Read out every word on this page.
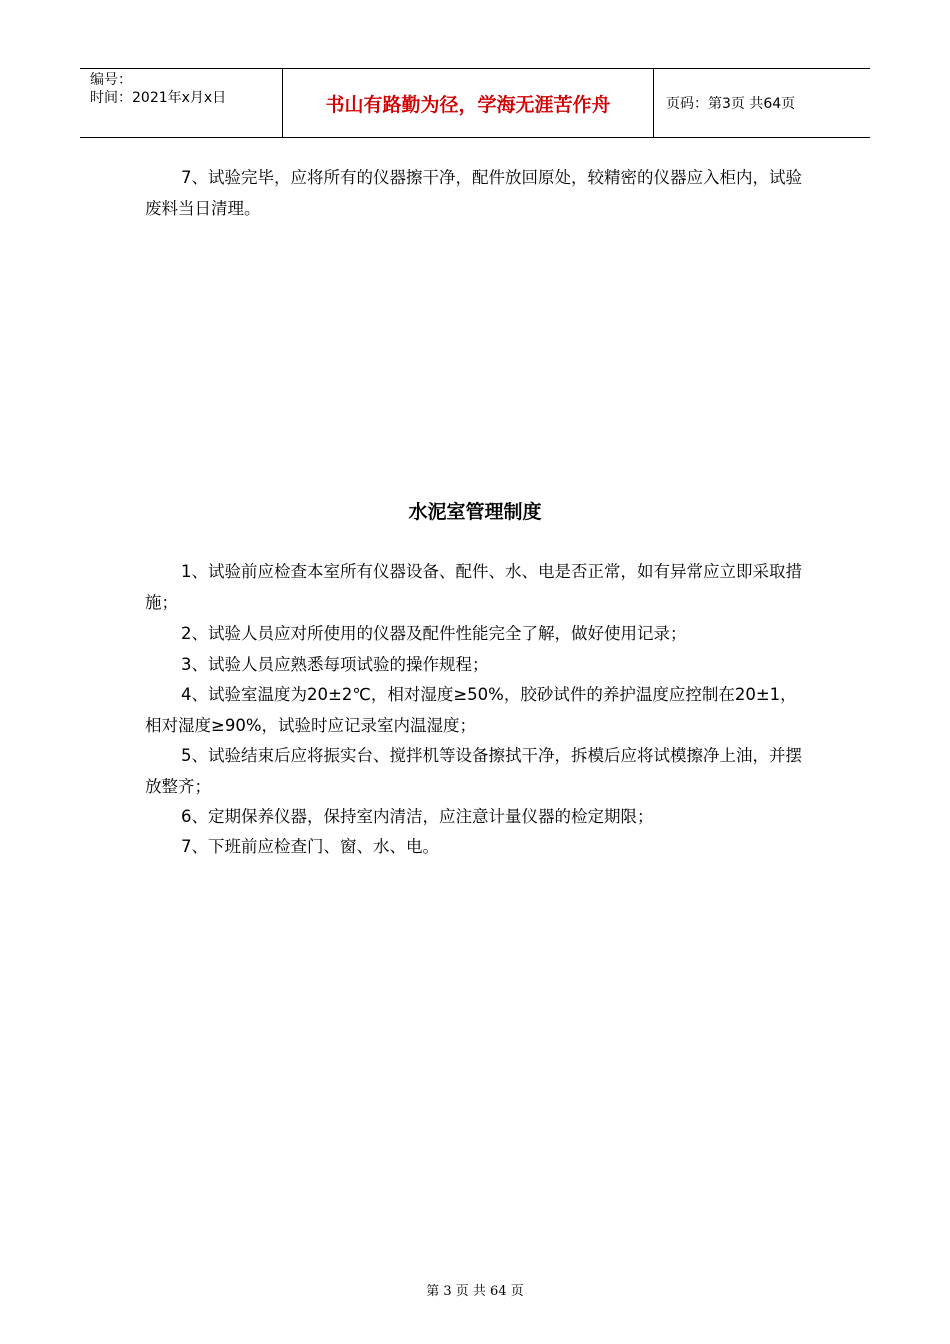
编号：
时间：2021年x月x日	书山有路勤为径，学海无涯苦作舟	页码：第3页 共64页

7、试验完毕，应将所有的仪器擦干净，配件放回原处，较精密的仪器应入柜内，试验废料当日清理。

水泥室管理制度

1、试验前应检查本室所有仪器设备、配件、水、电是否正常，如有异常应立即采取措施；

2、试验人员应对所使用的仪器及配件性能完全了解，做好使用记录；

3、试验人员应熟悉每项试验的操作规程；

4、试验室温度为20±2℃，相对湿度≥50%，胶砂试件的养护温度应控制在20±1，相对湿度≥90%，试验时应记录室内温湿度；

5、试验结束后应将振实台、搅拌机等设备擦拭干净，拆模后应将试模擦净上油，并摆放整齐；

6、定期保养仪器，保持室内清洁，应注意计量仪器的检定期限；

7、下班前应检查门、窗、水、电。

第 3 页 共 64 页
